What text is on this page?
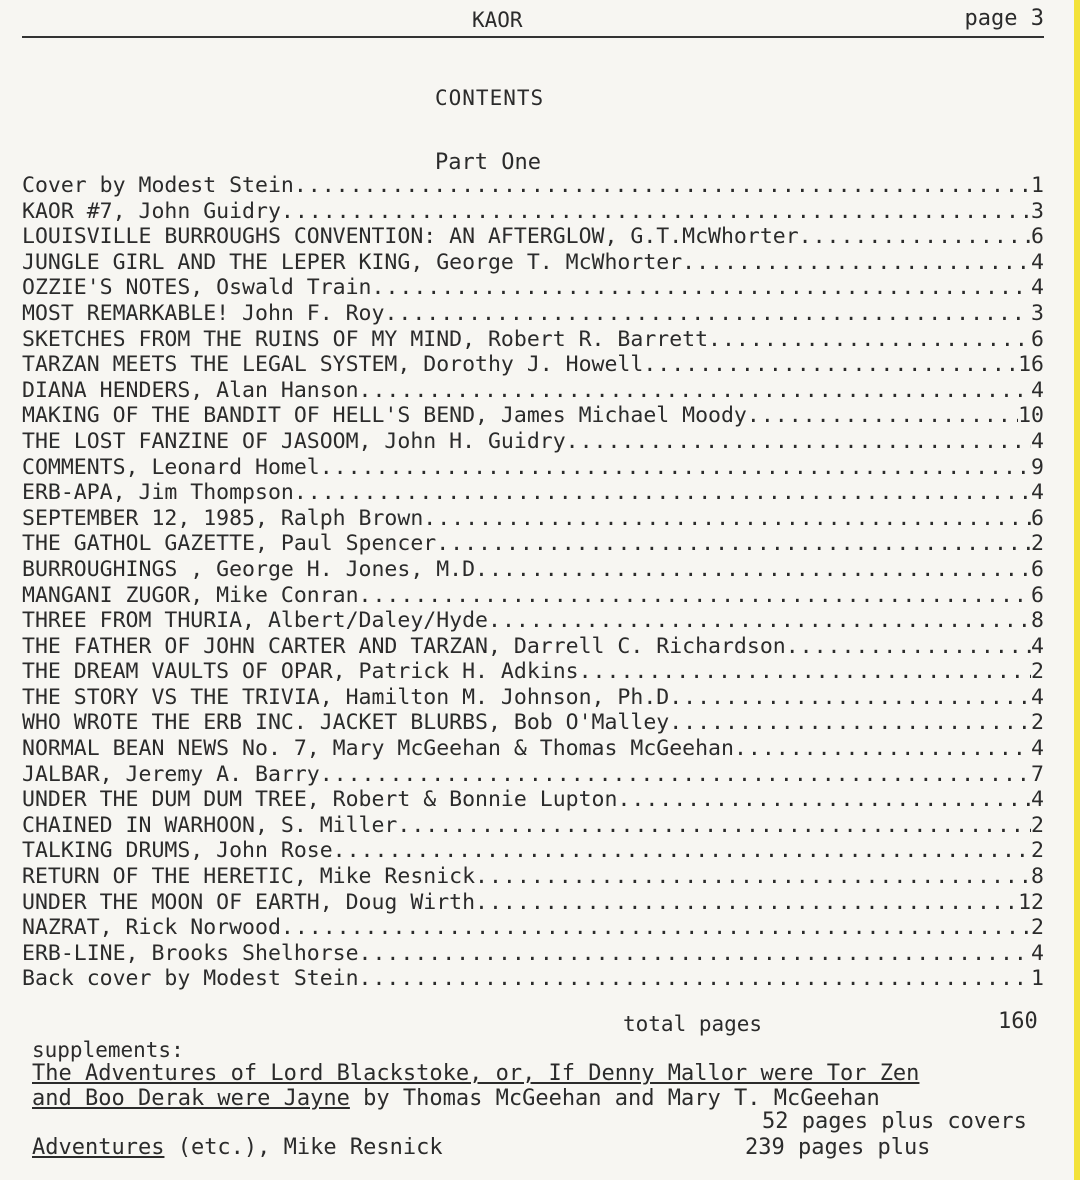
KAOR	page 3
CONTENTS
Part One
Cover by Modest Stein .....	1
KAOR #7, John Guidry .....	3
LOUISVILLE BURROUGHS CONVENTION: AN AFTERGLOW, G.T.McWhorter .....	6
JUNGLE GIRL AND THE LEPER KING, George T. McWhorter .....	4
OZZIE'S NOTES, Oswald Train .....	4
MOST REMARKABLE! John F. Roy .....	3
SKETCHES FROM THE RUINS OF MY MIND, Robert R. Barrett .....	6
TARZAN MEETS THE LEGAL SYSTEM, Dorothy J. Howell .....	16
DIANA HENDERS, Alan Hanson .....	4
MAKING OF THE BANDIT OF HELL'S BEND, James Michael Moody .....	10
THE LOST FANZINE OF JASOOM, John H. Guidry .....	4
COMMENTS, Leonard Homel .....	9
ERB-APA, Jim Thompson .....	4
SEPTEMBER 12, 1985, Ralph Brown .....	6
THE GATHOL GAZETTE, Paul Spencer .....	2
BURROUGHINGS , George H. Jones, M.D .....	6
MANGANI ZUGOR, Mike Conran .....	6
THREE FROM THURIA, Albert/Daley/Hyde .....	8
THE FATHER OF JOHN CARTER AND TARZAN, Darrell C. Richardson .....	4
THE DREAM VAULTS OF OPAR, Patrick H. Adkins .....	2
THE STORY VS THE TRIVIA, Hamilton M. Johnson, Ph.D .....	4
WHO WROTE THE ERB INC. JACKET BLURBS, Bob O'Malley .....	2
NORMAL BEAN NEWS No. 7, Mary McGeehan & Thomas McGeehan .....	4
JALBAR, Jeremy A. Barry .....	7
UNDER THE DUM DUM TREE, Robert & Bonnie Lupton .....	4
CHAINED IN WARHOON, S. Miller .....	2
TALKING DRUMS, John Rose .....	2
RETURN OF THE HERETIC, Mike Resnick .....	8
UNDER THE MOON OF EARTH, Doug Wirth .....	12
NAZRAT, Rick Norwood .....	2
ERB-LINE, Brooks Shelhorse .....	4
Back cover by Modest Stein .....	1
total pages	160
supplements:
The Adventures of Lord Blackstoke, or, If Denny Mallor were Tor Zen
and Boo Derak were Jayne by Thomas McGeehan and Mary T. McGeehan
52 pages plus covers
Adventures (etc.), Mike Resnick	239 pages plus
